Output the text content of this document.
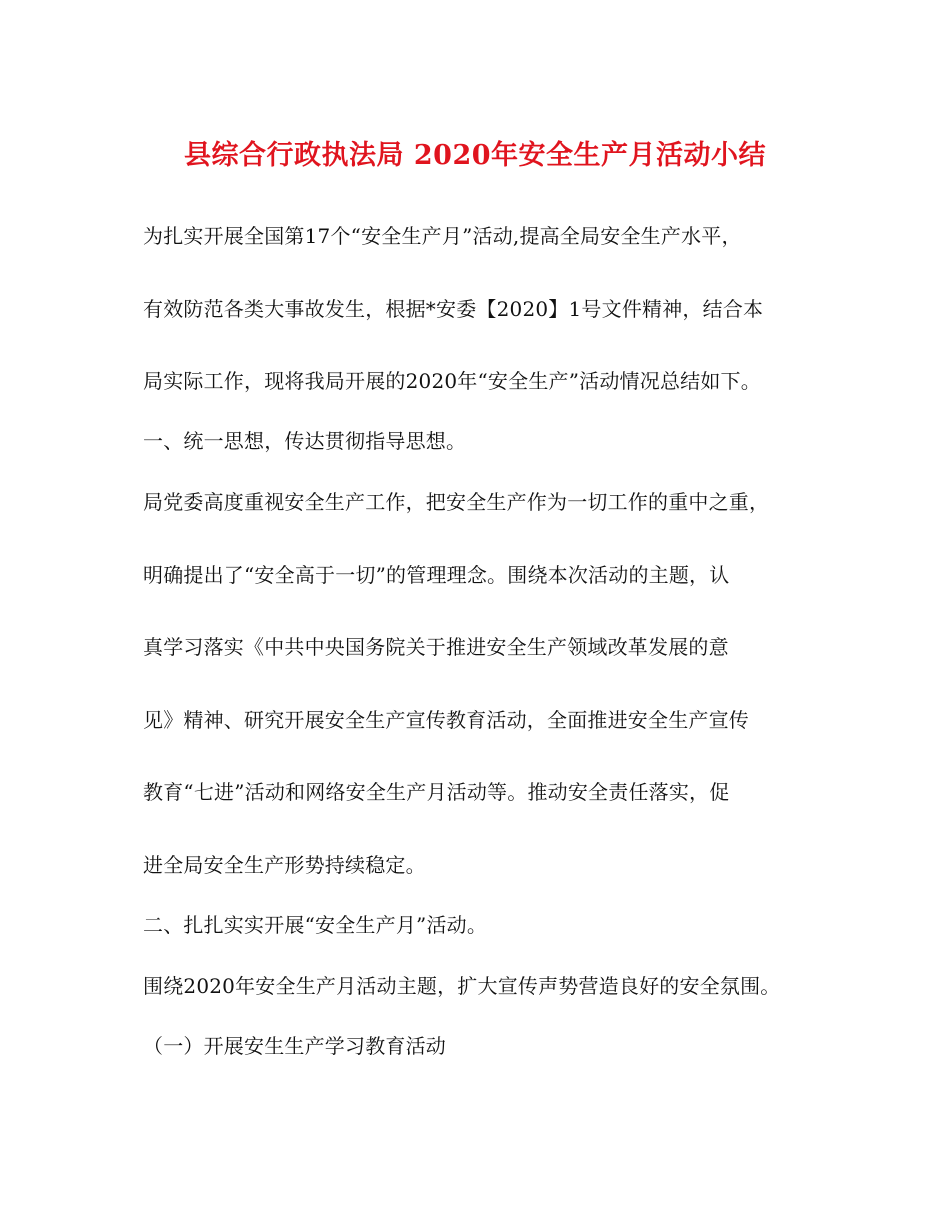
县综合行政执法局 2020年安全生产月活动小结
为扎实开展全国第17个“安全生产月”活动,提高全局安全生产水平，
有效防范各类大事故发生，根据*安委【2020】1号文件精神，结合本
局实际工作，现将我局开展的2020年“安全生产”活动情况总结如下。
一、统一思想，传达贯彻指导思想。
局党委高度重视安全生产工作，把安全生产作为一切工作的重中之重，
明确提出了“安全高于一切”的管理理念。围绕本次活动的主题，认
真学习落实《中共中央国务院关于推进安全生产领域改革发展的意
见》精神、研究开展安全生产宣传教育活动，全面推进安全生产宣传
教育“七进”活动和网络安全生产月活动等。推动安全责任落实，促
进全局安全生产形势持续稳定。
二、扎扎实实开展“安全生产月”活动。
围绕2020年安全生产月活动主题，扩大宣传声势营造良好的安全氛围。
（一）开展安生生产学习教育活动
